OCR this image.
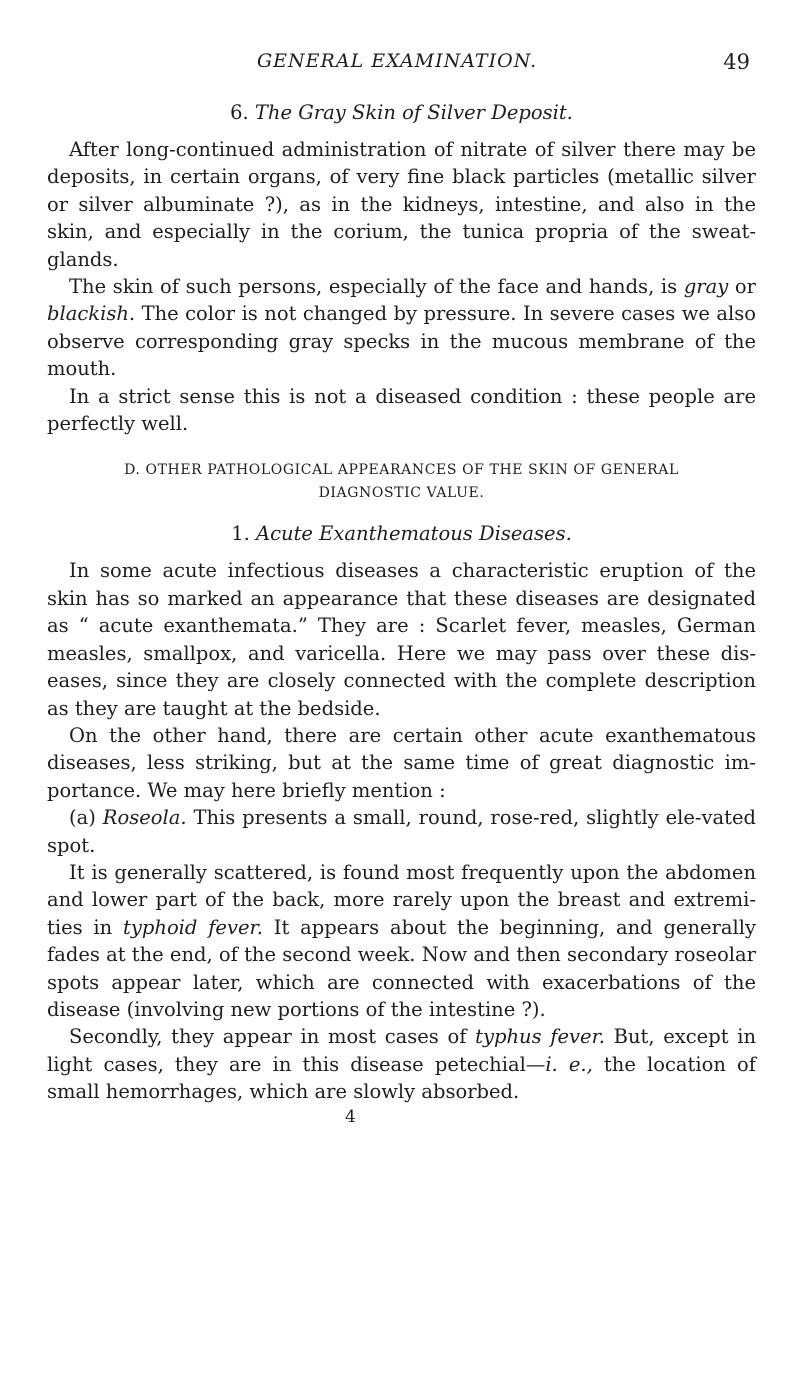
GENERAL EXAMINATION.	49
6. The Gray Skin of Silver Deposit.

After long-continued administration of nitrate of silver there may be deposits, in certain organs, of very fine black particles (metallic silver or silver albuminate ?), as in the kidneys, intestine, and also in the skin, and especially in the corium, the tunica propria of the sweat-glands.

The skin of such persons, especially of the face and hands, is gray or blackish. The color is not changed by pressure. In severe cases we also observe corresponding gray specks in the mucous membrane of the mouth.

In a strict sense this is not a diseased condition : these people are perfectly well.

D. OTHER PATHOLOGICAL APPEARANCES OF THE SKIN OF GENERAL
DIAGNOSTIC VALUE.
1. Acute Exanthematous Diseases.

In some acute infectious diseases a characteristic eruption of the skin has so marked an appearance that these diseases are designated as “ acute exanthemata.” They are : Scarlet fever, measles, German measles, smallpox, and varicella. Here we may pass over these dis-eases, since they are closely connected with the complete description as they are taught at the bedside.

On the other hand, there are certain other acute exanthematous diseases, less striking, but at the same time of great diagnostic im-portance. We may here briefly mention :

(a) Roseola. This presents a small, round, rose-red, slightly ele-vated spot.

It is generally scattered, is found most frequently upon the abdomen and lower part of the back, more rarely upon the breast and extremi-ties in typhoid fever. It appears about the beginning, and generally fades at the end, of the second week. Now and then secondary roseolar spots appear later, which are connected with exacerbations of the disease (involving new portions of the intestine ?).

Secondly, they appear in most cases of typhus fever. But, except in light cases, they are in this disease petechial—i. e., the location of small hemorrhages, which are slowly absorbed.

4
